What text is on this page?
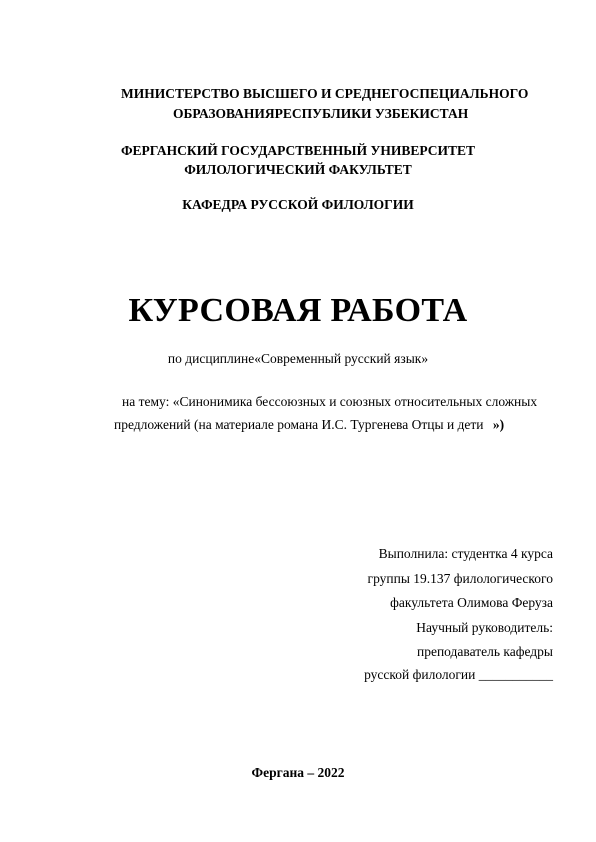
МИНИСТЕРСТВО ВЫСШЕГО И СРЕДНЕГОСПЕЦИАЛЬНОГО
ОБРАЗОВАНИЯРЕСПУБЛИКИ УЗБЕКИСТАН
ФЕРГАНСКИЙ ГОСУДАРСТВЕННЫЙ УНИВЕРСИТЕТ
ФИЛОЛОГИЧЕСКИЙ ФАКУЛЬТЕТ
КАФЕДРА РУССКОЙ ФИЛОЛОГИИ
КУРСОВАЯ РАБОТА
по дисциплине«Современный русский язык»
на тему: «Синонимика бессоюзных и союзных относительных сложных
предложений (на материале романа И.С. Тургенева Отцы и дети »)
Выполнила: студентка 4 курса
группы 19.137 филологического
факультета Олимова Феруза
Научный руководитель:
преподаватель кафедры
русской филологии ___________
Фергана – 2022
